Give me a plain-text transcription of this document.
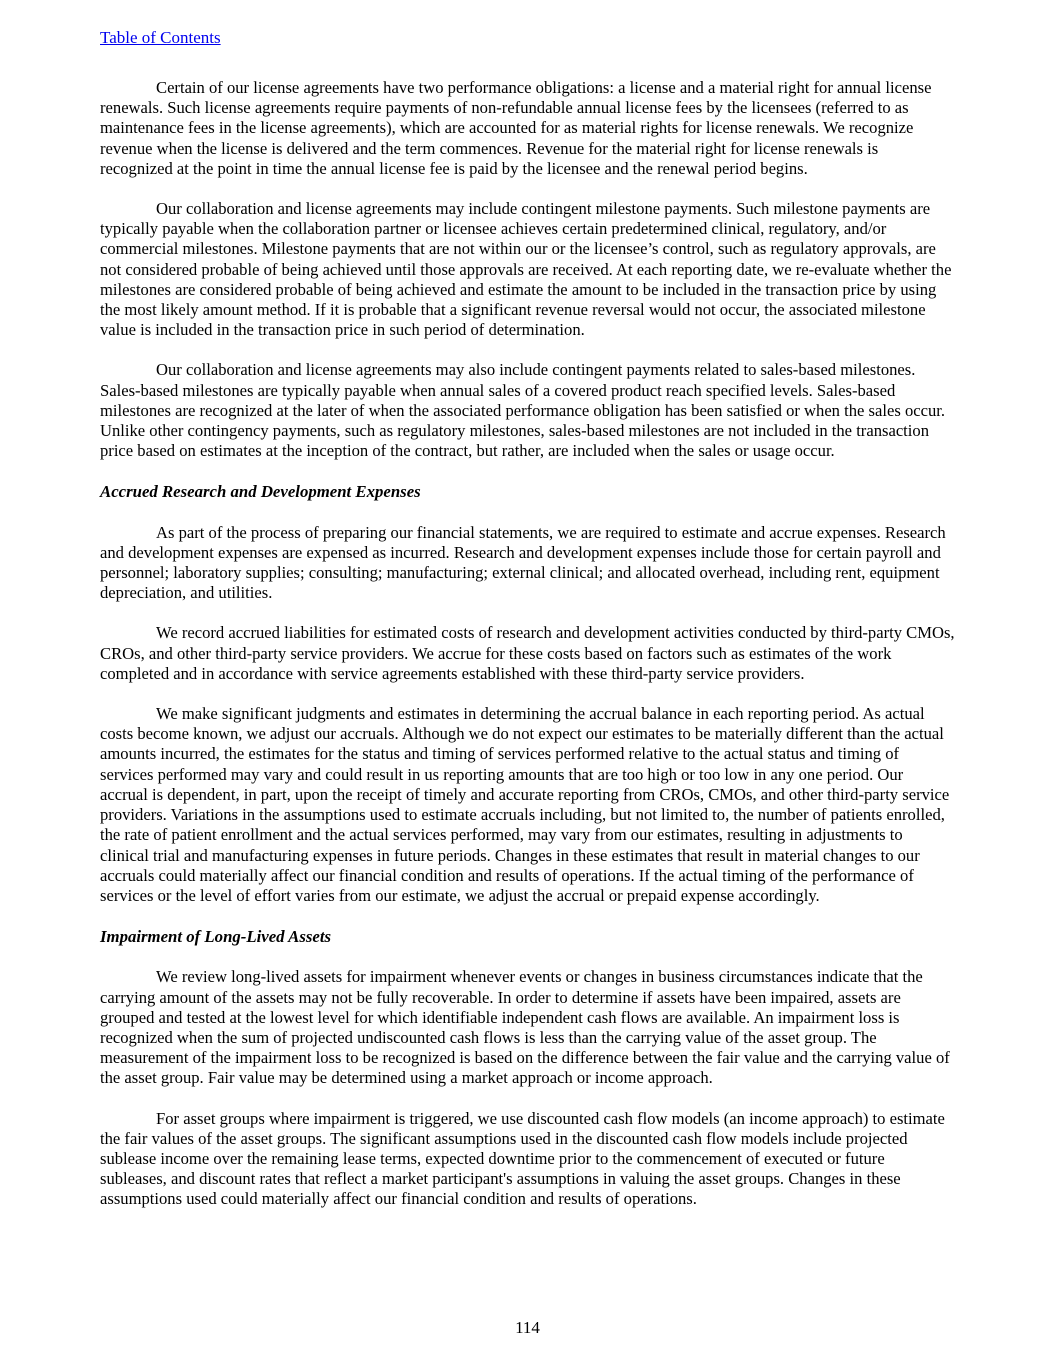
Table of Contents

Certain of our license agreements have two performance obligations: a license and a material right for annual license renewals. Such license agreements require payments of non-refundable annual license fees by the licensees (referred to as maintenance fees in the license agreements), which are accounted for as material rights for license renewals. We recognize revenue when the license is delivered and the term commences. Revenue for the material right for license renewals is recognized at the point in time the annual license fee is paid by the licensee and the renewal period begins.

Our collaboration and license agreements may include contingent milestone payments. Such milestone payments are typically payable when the collaboration partner or licensee achieves certain predetermined clinical, regulatory, and/or commercial milestones. Milestone payments that are not within our or the licensee’s control, such as regulatory approvals, are not considered probable of being achieved until those approvals are received. At each reporting date, we re-evaluate whether the milestones are considered probable of being achieved and estimate the amount to be included in the transaction price by using the most likely amount method. If it is probable that a significant revenue reversal would not occur, the associated milestone value is included in the transaction price in such period of determination.

Our collaboration and license agreements may also include contingent payments related to sales-based milestones. Sales-based milestones are typically payable when annual sales of a covered product reach specified levels. Sales-based milestones are recognized at the later of when the associated performance obligation has been satisfied or when the sales occur. Unlike other contingency payments, such as regulatory milestones, sales-based milestones are not included in the transaction price based on estimates at the inception of the contract, but rather, are included when the sales or usage occur.

Accrued Research and Development Expenses

As part of the process of preparing our financial statements, we are required to estimate and accrue expenses. Research and development expenses are expensed as incurred. Research and development expenses include those for certain payroll and personnel; laboratory supplies; consulting; manufacturing; external clinical; and allocated overhead, including rent, equipment depreciation, and utilities.

We record accrued liabilities for estimated costs of research and development activities conducted by third-party CMOs, CROs, and other third-party service providers. We accrue for these costs based on factors such as estimates of the work completed and in accordance with service agreements established with these third-party service providers.

We make significant judgments and estimates in determining the accrual balance in each reporting period. As actual costs become known, we adjust our accruals. Although we do not expect our estimates to be materially different than the actual amounts incurred, the estimates for the status and timing of services performed relative to the actual status and timing of services performed may vary and could result in us reporting amounts that are too high or too low in any one period. Our accrual is dependent, in part, upon the receipt of timely and accurate reporting from CROs, CMOs, and other third-party service providers. Variations in the assumptions used to estimate accruals including, but not limited to, the number of patients enrolled, the rate of patient enrollment and the actual services performed, may vary from our estimates, resulting in adjustments to clinical trial and manufacturing expenses in future periods. Changes in these estimates that result in material changes to our accruals could materially affect our financial condition and results of operations. If the actual timing of the performance of services or the level of effort varies from our estimate, we adjust the accrual or prepaid expense accordingly.

Impairment of Long-Lived Assets

We review long-lived assets for impairment whenever events or changes in business circumstances indicate that the carrying amount of the assets may not be fully recoverable. In order to determine if assets have been impaired, assets are grouped and tested at the lowest level for which identifiable independent cash flows are available. An impairment loss is recognized when the sum of projected undiscounted cash flows is less than the carrying value of the asset group. The measurement of the impairment loss to be recognized is based on the difference between the fair value and the carrying value of the asset group. Fair value may be determined using a market approach or income approach.

For asset groups where impairment is triggered, we use discounted cash flow models (an income approach) to estimate the fair values of the asset groups. The significant assumptions used in the discounted cash flow models include projected sublease income over the remaining lease terms, expected downtime prior to the commencement of executed or future subleases, and discount rates that reflect a market participant's assumptions in valuing the asset groups. Changes in these assumptions used could materially affect our financial condition and results of operations.

114
